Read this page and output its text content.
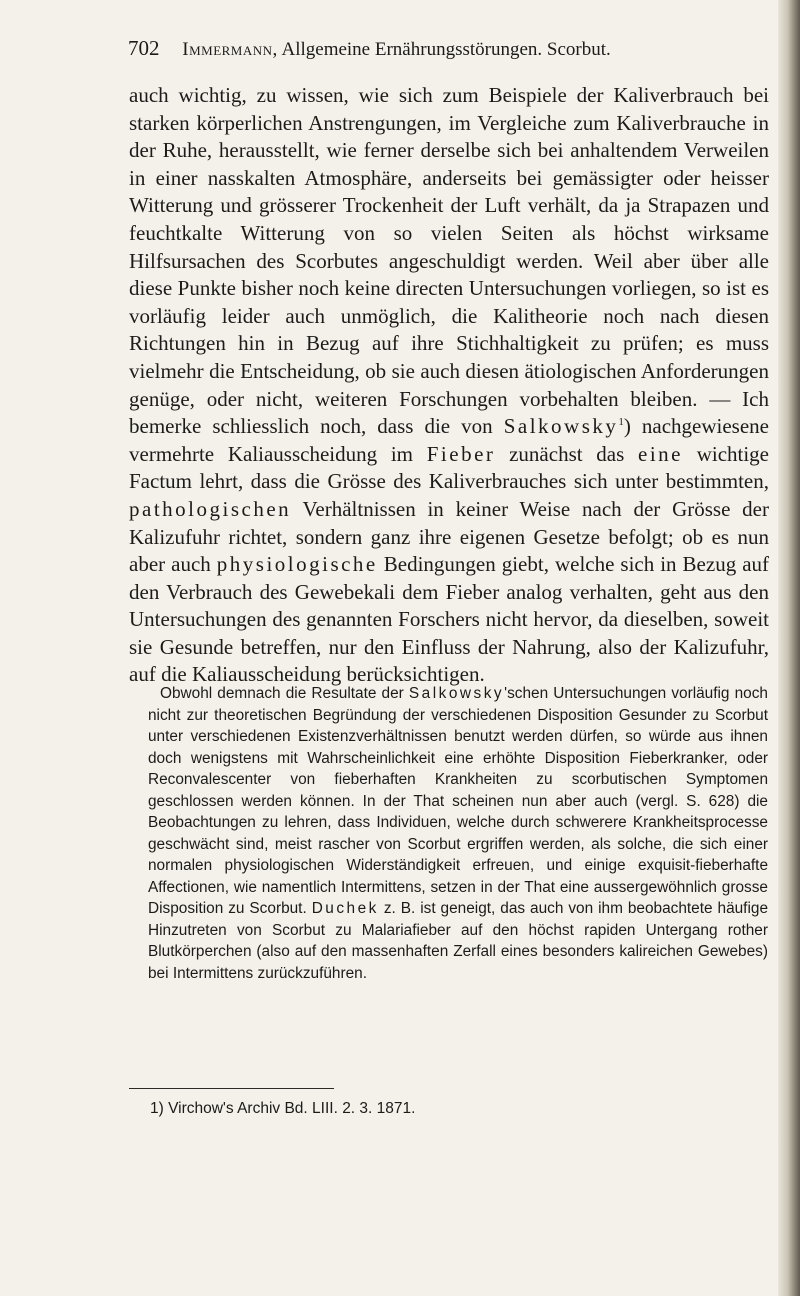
702 Immermann, Allgemeine Ernährungsstörungen. Scorbut.

auch wichtig, zu wissen, wie sich zum Beispiele der Kaliverbrauch bei starken körperlichen Anstrengungen, im Vergleiche zum Kaliverbrauche in der Ruhe, herausstellt, wie ferner derselbe sich bei anhaltendem Verweilen in einer nasskalten Atmosphäre, anderseits bei gemässigter oder heisser Witterung und grösserer Trockenheit der Luft verhält, da ja Strapazen und feuchtkalte Witterung von so vielen Seiten als höchst wirksame Hilfsursachen des Scorbutes angeschuldigt werden. Weil aber über alle diese Punkte bisher noch keine directen Untersuchungen vorliegen, so ist es vorläufig leider auch unmöglich, die Kalitheorie noch nach diesen Richtungen hin in Bezug auf ihre Stichhaltigkeit zu prüfen; es muss vielmehr die Entscheidung, ob sie auch diesen ätiologischen Anforderungen genüge, oder nicht, weiteren Forschungen vorbehalten bleiben. — Ich bemerke schliesslich noch, dass die von Salkowsky$^1$) nachgewiesene vermehrte Kaliausscheidung im Fieber zunächst das eine wichtige Factum lehrt, dass die Grösse des Kaliverbrauches sich unter bestimmten, pathologischen Verhältnissen in keiner Weise nach der Grösse der Kalizufuhr richtet, sondern ganz ihre eigenen Gesetze befolgt; ob es nun aber auch physiologische Bedingungen giebt, welche sich in Bezug auf den Verbrauch des Gewebekali dem Fieber analog verhalten, geht aus den Untersuchungen des genannten Forschers nicht hervor, da dieselben, soweit sie Gesunde betreffen, nur den Einfluss der Nahrung, also der Kalizufuhr, auf die Kaliausscheidung berücksichtigen.

Obwohl demnach die Resultate der Salkowsky'schen Untersuchungen vorläufig noch nicht zur theoretischen Begründung der verschiedenen Disposition Gesunder zu Scorbut unter verschiedenen Existenzverhältnissen benutzt werden dürfen, so würde aus ihnen doch wenigstens mit Wahrscheinlichkeit eine erhöhte Disposition Fieberkranker, oder Reconvalescenter von fieberhaften Krankheiten zu scorbutischen Symptomen geschlossen werden können. In der That scheinen nun aber auch (vergl. S. 628) die Beobachtungen zu lehren, dass Individuen, welche durch schwerere Krankheitsprocesse geschwächt sind, meist rascher von Scorbut ergriffen werden, als solche, die sich einer normalen physiologischen Widerständigkeit erfreuen, und einige exquisit-fieberhafte Affectionen, wie namentlich Intermittens, setzen in der That eine aussergewöhnlich grosse Disposition zu Scorbut. Duchek z. B. ist geneigt, das auch von ihm beobachtete häufige Hinzutreten von Scorbut zu Malariafieber auf den höchst rapiden Untergang rother Blutkörperchen (also auf den massenhaften Zerfall eines besonders kalireichen Gewebes) bei Intermittens zurückzuführen.
1) Virchow's Archiv Bd. LIII. 2. 3. 1871.
